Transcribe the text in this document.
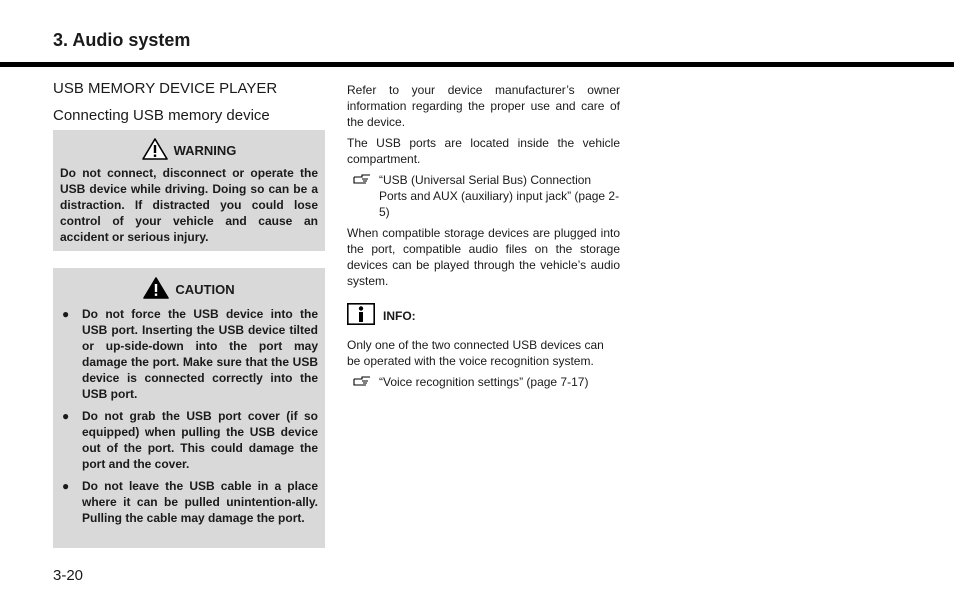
3. Audio system
USB MEMORY DEVICE PLAYER
Connecting USB memory device
WARNING
Do not connect, disconnect or operate the USB device while driving. Doing so can be a distraction. If distracted you could lose control of your vehicle and cause an accident or serious injury.
CAUTION
● Do not force the USB device into the USB port. Inserting the USB device tilted or up-side-down into the port may damage the port. Make sure that the USB device is connected correctly into the USB port.
● Do not grab the USB port cover (if so equipped) when pulling the USB device out of the port. This could damage the port and the cover.
● Do not leave the USB cable in a place where it can be pulled unintention-ally. Pulling the cable may damage the port.

Refer to your device manufacturer’s owner information regarding the proper use and care of the device.

The USB ports are located inside the vehicle compartment.

“USB (Universal Serial Bus) Connection Ports and AUX (auxiliary) input jack” (page 2-5)

When compatible storage devices are plugged into the port, compatible audio files on the storage devices can be played through the vehicle’s audio system.

INFO:

Only one of the two connected USB devices can be operated with the voice recognition system.

“Voice recognition settings” (page 7-17)
3-20
